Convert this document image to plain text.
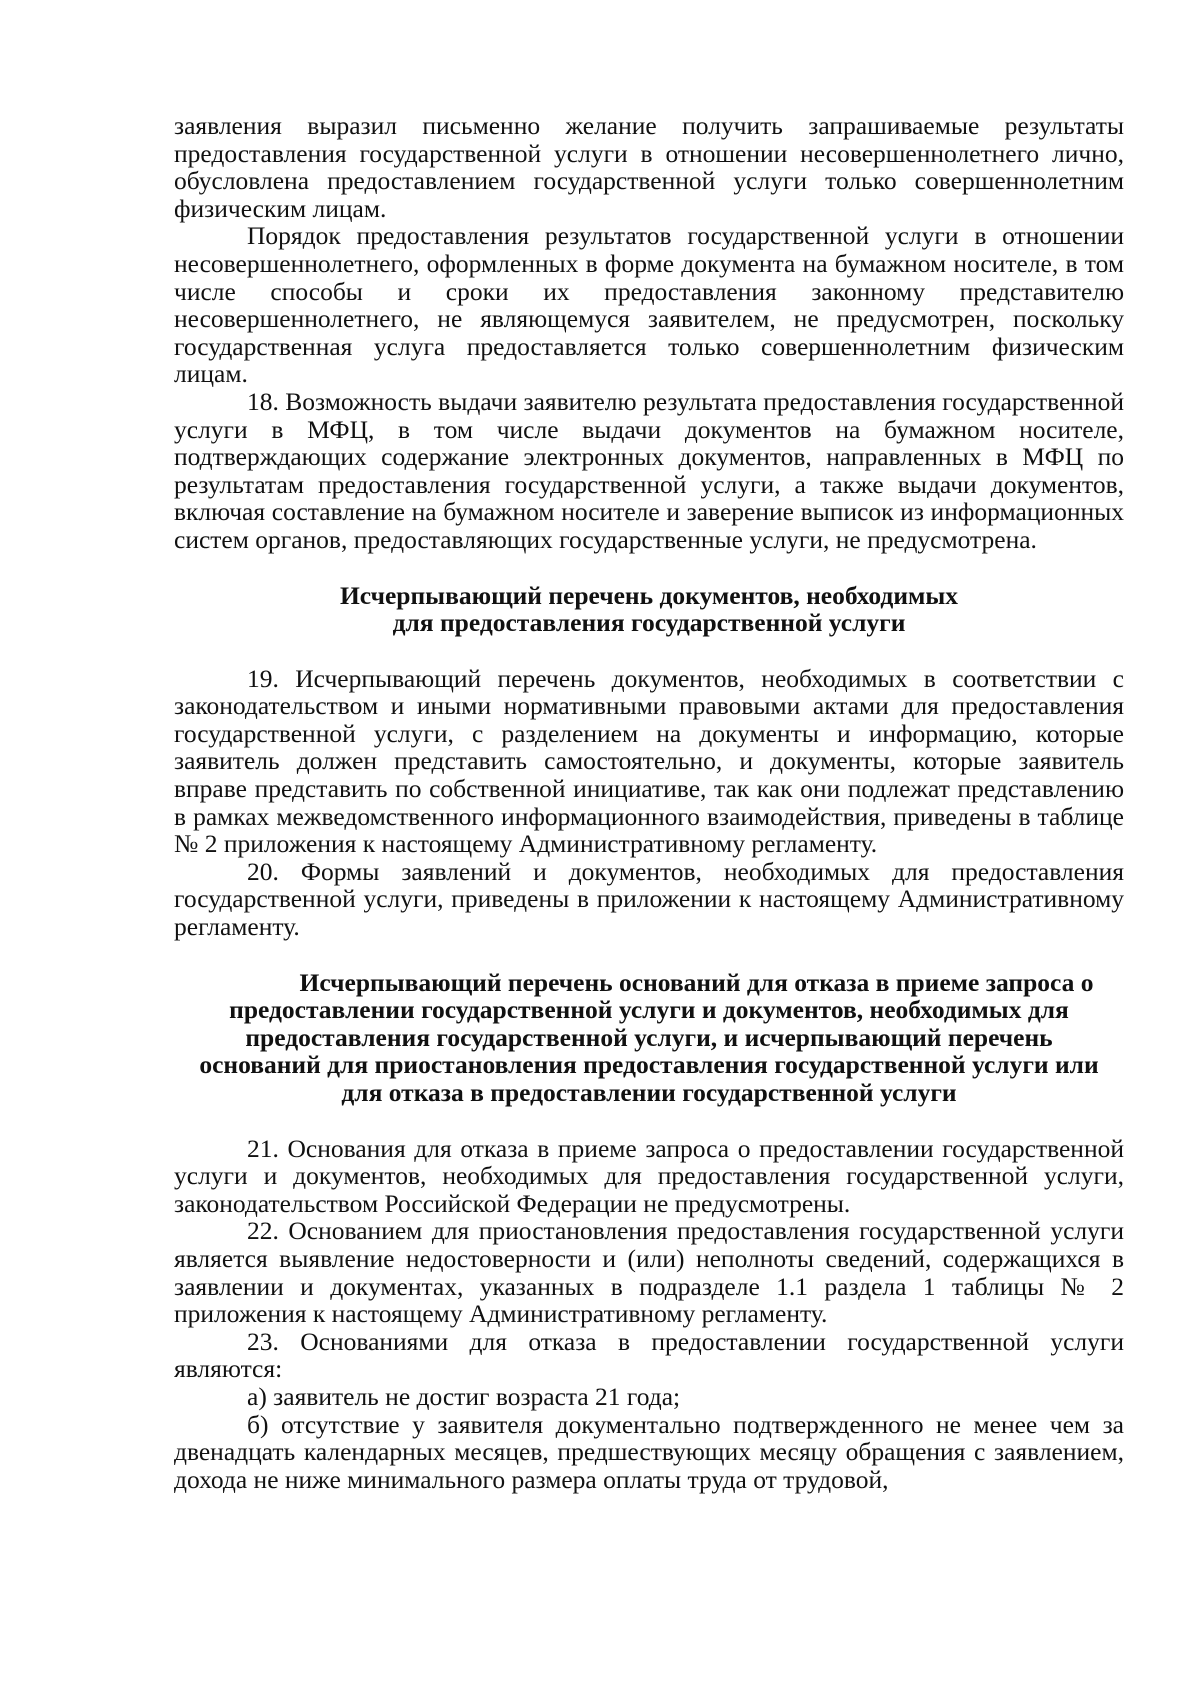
заявления выразил письменно желание получить запрашиваемые результаты предоставления государственной услуги в отношении несовершеннолетнего лично, обусловлена предоставлением государственной услуги только совершеннолетним физическим лицам.

Порядок предоставления результатов государственной услуги в отношении несовершеннолетнего, оформленных в форме документа на бумажном носителе, в том числе способы и сроки их предоставления законному представителю несовершеннолетнего, не являющемуся заявителем, не предусмотрен, поскольку государственная услуга предоставляется только совершеннолетним физическим лицам.

18. Возможность выдачи заявителю результата предоставления государственной услуги в МФЦ, в том числе выдачи документов на бумажном носителе, подтверждающих содержание электронных документов, направленных в МФЦ по результатам предоставления государственной услуги, а также выдачи документов, включая составление на бумажном носителе и заверение выписок из информационных систем органов, предоставляющих государственные услуги, не предусмотрена.

Исчерпывающий перечень документов, необходимых
для предоставления государственной услуги

19. Исчерпывающий перечень документов, необходимых в соответствии с законодательством и иными нормативными правовыми актами для предоставления государственной услуги, с разделением на документы и информацию, которые заявитель должен представить самостоятельно, и документы, которые заявитель вправе представить по собственной инициативе, так как они подлежат представлению в рамках межведомственного информационного взаимодействия, приведены в таблице № 2 приложения к настоящему Административному регламенту.

20. Формы заявлений и документов, необходимых для предоставления государственной услуги, приведены в приложении к настоящему Административному регламенту.

Исчерпывающий перечень оснований для отказа в приеме запроса о
предоставлении государственной услуги и документов, необходимых для
предоставления государственной услуги, и исчерпывающий перечень
оснований для приостановления предоставления государственной услуги или
для отказа в предоставлении государственной услуги

21. Основания для отказа в приеме запроса о предоставлении государственной услуги и документов, необходимых для предоставления государственной услуги, законодательством Российской Федерации не предусмотрены.

22. Основанием для приостановления предоставления государственной услуги является выявление недостоверности и (или) неполноты сведений, содержащихся в заявлении и документах, указанных в подразделе 1.1 раздела 1 таблицы № 2 приложения к настоящему Административному регламенту.

23. Основаниями для отказа в предоставлении государственной услуги являются:

а) заявитель не достиг возраста 21 года;

б) отсутствие у заявителя документально подтвержденного не менее чем за двенадцать календарных месяцев, предшествующих месяцу обращения с заявлением, дохода не ниже минимального размера оплаты труда от трудовой,
